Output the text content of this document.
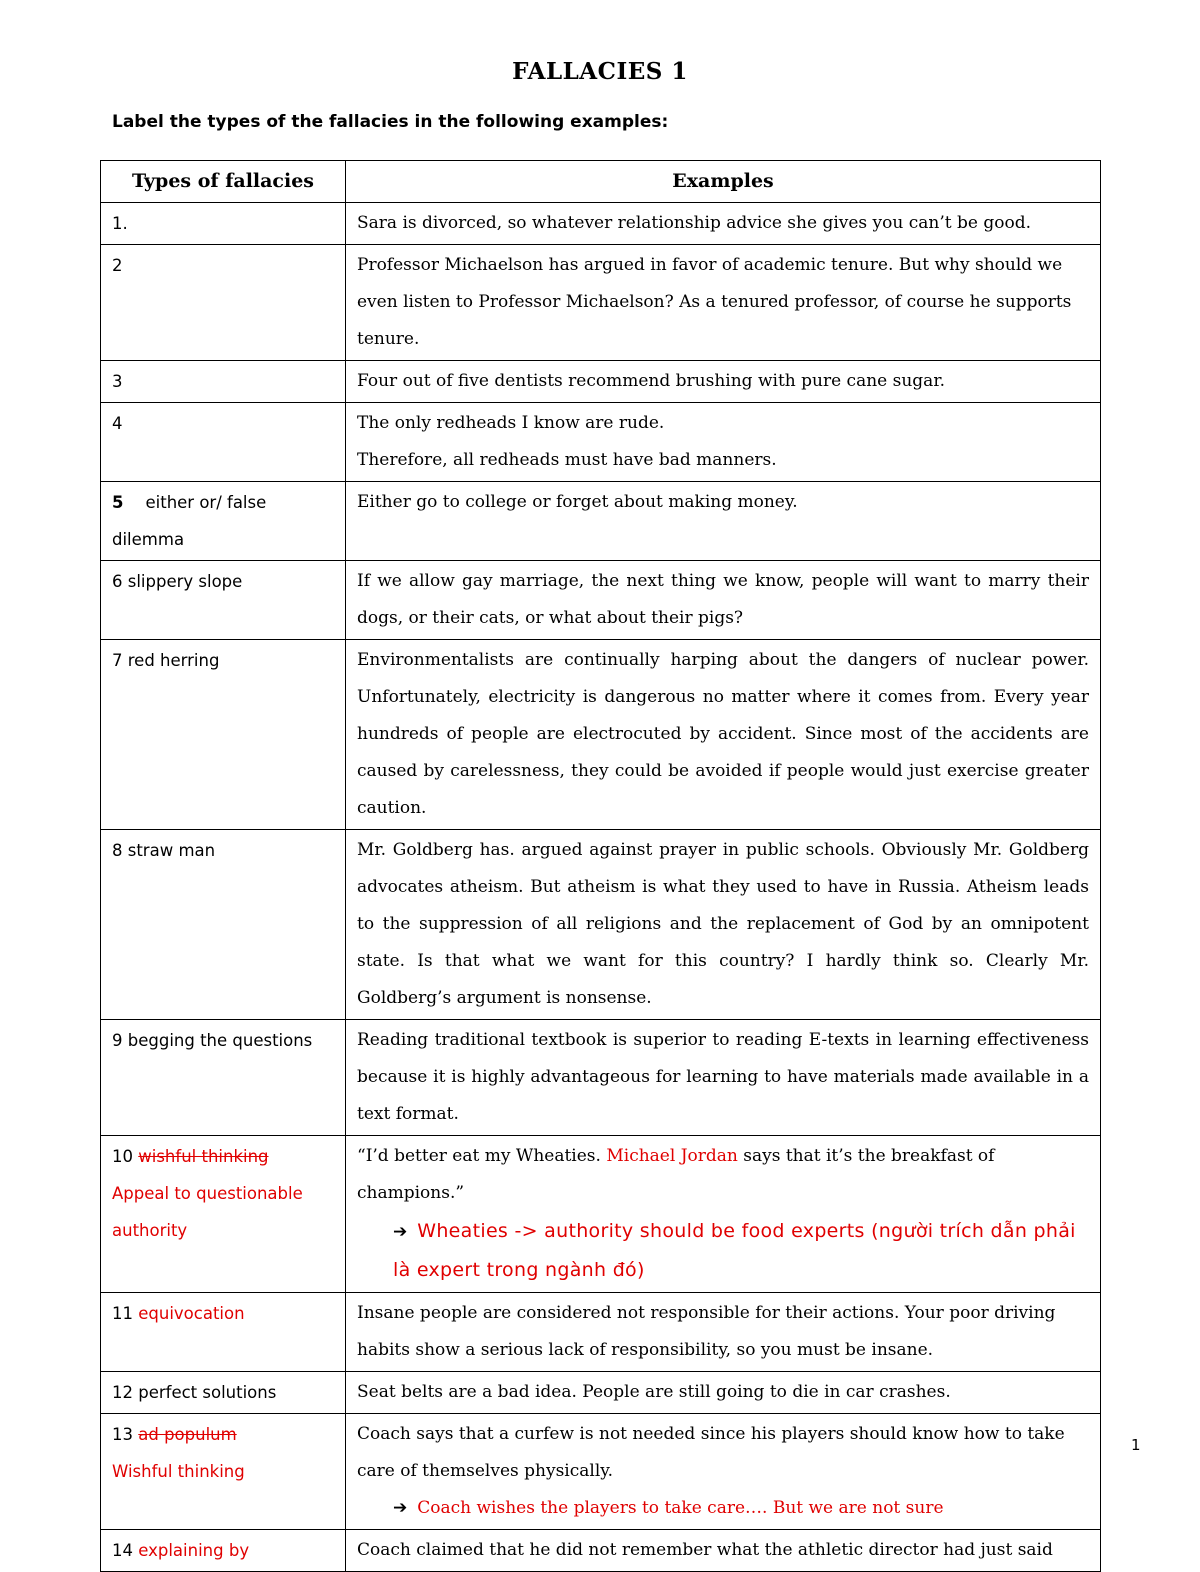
FALLACIES 1
Label the types of the fallacies in the following examples:
Types of fallacies	Examples
1.	Sara is divorced, so whatever relationship advice she gives you can’t be good.
2	Professor Michaelson has argued in favor of academic tenure. But why should we even listen to Professor Michaelson? As a tenured professor, of course he supports tenure.
3	Four out of five dentists recommend brushing with pure cane sugar.
4	The only redheads I know are rude.
Therefore, all redheads must have bad manners.

5 either or/ false dilemma	Either go to college or forget about making money.
6 slippery slope	If we allow gay marriage, the next thing we know, people will want to marry their dogs, or their cats, or what about their pigs?
7 red herring	Environmentalists are continually harping about the dangers of nuclear power. Unfortunately, electricity is dangerous no matter where it comes from. Every year hundreds of people are electrocuted by accident. Since most of the accidents are caused by carelessness, they could be avoided if people would just exercise greater caution.
8 straw man	Mr. Goldberg has. argued against prayer in public schools. Obviously Mr. Goldberg advocates atheism. But atheism is what they used to have in Russia. Atheism leads to the suppression of all religions and the replacement of God by an omnipotent state. Is that what we want for this country? I hardly think so. Clearly Mr. Goldberg’s argument is nonsense.
9 begging the questions	Reading traditional textbook is superior to reading E-texts in learning effectiveness because it is highly advantageous for learning to have materials made available in a text format.
10 wishful thinking
Appeal to questionable authority	“I’d better eat my Wheaties. Michael Jordan says that it’s the breakfast of champions.”
➔ Wheaties -> authority should be food experts (người trích dẫn phải là expert trong ngành đó)

11 equivocation	Insane people are considered not responsible for their actions. Your poor driving habits show a serious lack of responsibility, so you must be insane.
12 perfect solutions	Seat belts are a bad idea. People are still going to die in car crashes.
13 ad populum
Wishful thinking	Coach says that a curfew is not needed since his players should know how to take care of themselves physically.
➔ Coach wishes the players to take care…. But we are not sure

14 explaining by	Coach claimed that he did not remember what the athletic director had just said
1
